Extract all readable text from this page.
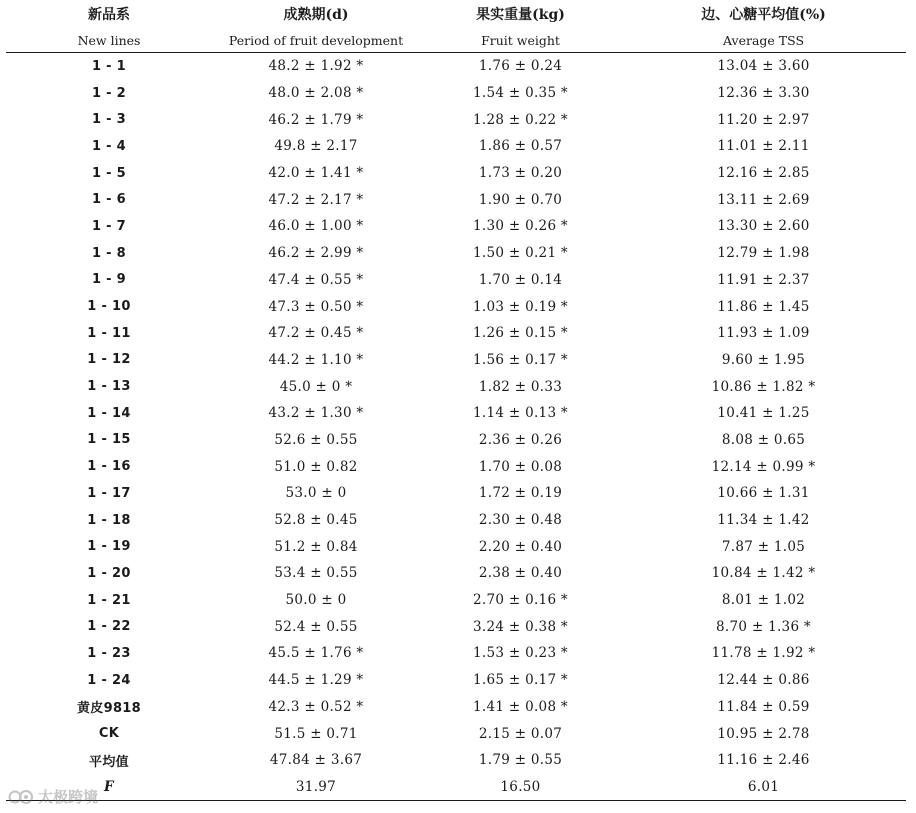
新品系	成熟期(d)	果实重量(kg)	边、心糖平均值(%)
New lines	Period of fruit development	Fruit weight	Average TSS
1 - 1	48.2 ± 1.92 *	1.76 ± 0.24	13.04 ± 3.60
1 - 2	48.0 ± 2.08 *	1.54 ± 0.35 *	12.36 ± 3.30
1 - 3	46.2 ± 1.79 *	1.28 ± 0.22 *	11.20 ± 2.97
1 - 4	49.8 ± 2.17	1.86 ± 0.57	11.01 ± 2.11
1 - 5	42.0 ± 1.41 *	1.73 ± 0.20	12.16 ± 2.85
1 - 6	47.2 ± 2.17 *	1.90 ± 0.70	13.11 ± 2.69
1 - 7	46.0 ± 1.00 *	1.30 ± 0.26 *	13.30 ± 2.60
1 - 8	46.2 ± 2.99 *	1.50 ± 0.21 *	12.79 ± 1.98
1 - 9	47.4 ± 0.55 *	1.70 ± 0.14	11.91 ± 2.37
1 - 10	47.3 ± 0.50 *	1.03 ± 0.19 *	11.86 ± 1.45
1 - 11	47.2 ± 0.45 *	1.26 ± 0.15 *	11.93 ± 1.09
1 - 12	44.2 ± 1.10 *	1.56 ± 0.17 *	9.60 ± 1.95
1 - 13	45.0 ± 0 *	1.82 ± 0.33	10.86 ± 1.82 *
1 - 14	43.2 ± 1.30 *	1.14 ± 0.13 *	10.41 ± 1.25
1 - 15	52.6 ± 0.55	2.36 ± 0.26	8.08 ± 0.65
1 - 16	51.0 ± 0.82	1.70 ± 0.08	12.14 ± 0.99 *
1 - 17	53.0 ± 0	1.72 ± 0.19	10.66 ± 1.31
1 - 18	52.8 ± 0.45	2.30 ± 0.48	11.34 ± 1.42
1 - 19	51.2 ± 0.84	2.20 ± 0.40	7.87 ± 1.05
1 - 20	53.4 ± 0.55	2.38 ± 0.40	10.84 ± 1.42 *
1 - 21	50.0 ± 0	2.70 ± 0.16 *	8.01 ± 1.02
1 - 22	52.4 ± 0.55	3.24 ± 0.38 *	8.70 ± 1.36 *
1 - 23	45.5 ± 1.76 *	1.53 ± 0.23 *	11.78 ± 1.92 *
1 - 24	44.5 ± 1.29 *	1.65 ± 0.17 *	12.44 ± 0.86
黄皮9818	42.3 ± 0.52 *	1.41 ± 0.08 *	11.84 ± 0.59
CK	51.5 ± 0.71	2.15 ± 0.07	10.95 ± 2.78
平均值	47.84 ± 3.67	1.79 ± 0.55	11.16 ± 2.46
F	31.97	16.50	6.01
太极跨境
